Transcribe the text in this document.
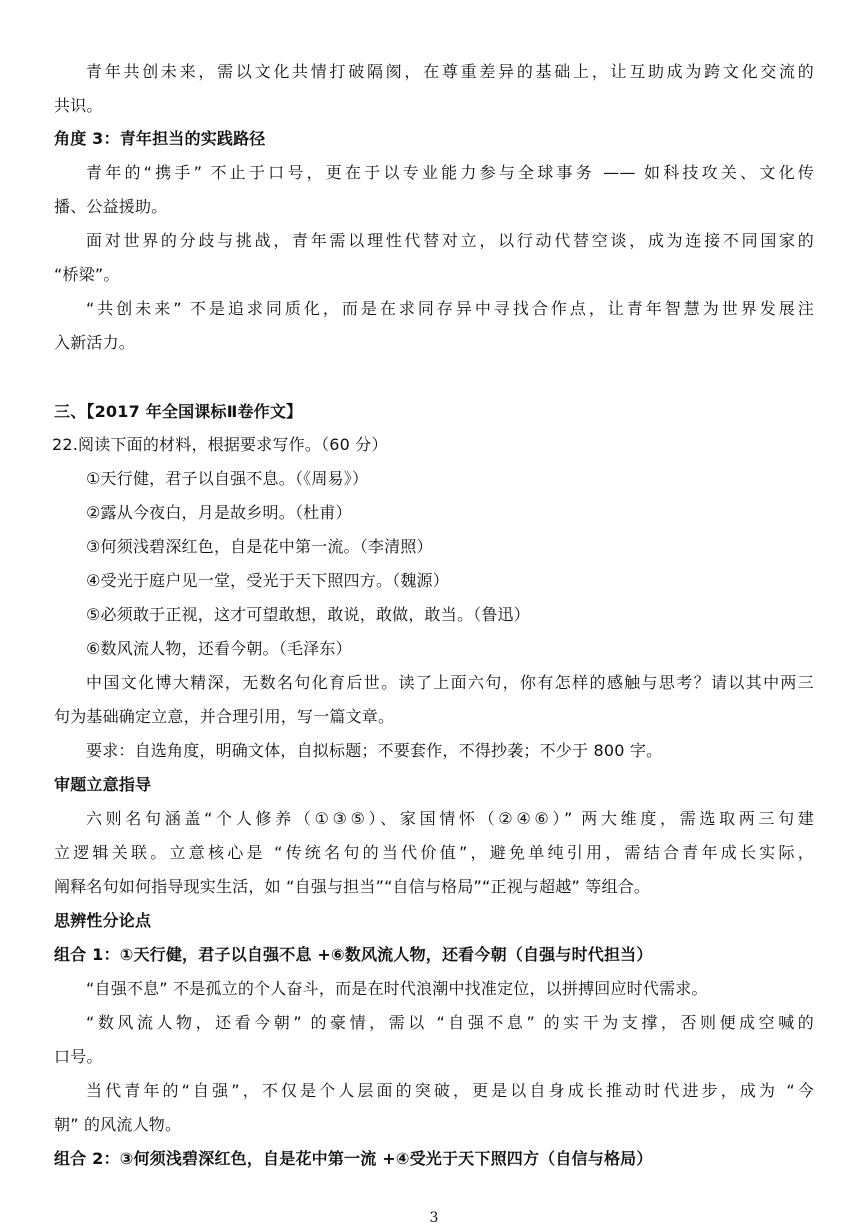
青年共创未来，需以文化共情打破隔阂，在尊重差异的基础上，让互助成为跨文化交流的
共识。
角度 3：青年担当的实践路径
青年的“携手” 不止于口号，更在于以专业能力参与全球事务 —— 如科技攻关、文化传
播、公益援助。
面对世界的分歧与挑战，青年需以理性代替对立，以行动代替空谈，成为连接不同国家的
“桥梁”。
“共创未来” 不是追求同质化，而是在求同存异中寻找合作点，让青年智慧为世界发展注
入新活力。
三、【2017 年全国课标Ⅱ卷作文】
22.阅读下面的材料，根据要求写作。（60 分）
①天行健，君子以自强不息。（《周易》）
②露从今夜白，月是故乡明。（杜甫）
③何须浅碧深红色，自是花中第一流。（李清照）
④受光于庭户见一堂，受光于天下照四方。（魏源）
⑤必须敢于正视，这才可望敢想，敢说，敢做，敢当。（鲁迅）
⑥数风流人物，还看今朝。（毛泽东）
中国文化博大精深，无数名句化育后世。读了上面六句，你有怎样的感触与思考？请以其中两三
句为基础确定立意，并合理引用，写一篇文章。
要求：自选角度，明确文体，自拟标题；不要套作，不得抄袭；不少于 800 字。
审题立意指导
六则名句涵盖“个人修养（①③⑤）、家国情怀（②④⑥）” 两大维度，需选取两三句建
立逻辑关联。立意核心是 “传统名句的当代价值”，避免单纯引用，需结合青年成长实际，
阐释名句如何指导现实生活，如 “自强与担当”“自信与格局”“正视与超越” 等组合。
思辨性分论点
组合 1：①天行健，君子以自强不息 +⑥数风流人物，还看今朝（自强与时代担当）
“自强不息” 不是孤立的个人奋斗，而是在时代浪潮中找准定位，以拼搏回应时代需求。
“数风流人物，还看今朝” 的豪情，需以 “自强不息” 的实干为支撑，否则便成空喊的
口号。
当代青年的“自强”，不仅是个人层面的突破，更是以自身成长推动时代进步，成为 “今
朝” 的风流人物。
组合 2：③何须浅碧深红色，自是花中第一流 +④受光于天下照四方（自信与格局）
3
